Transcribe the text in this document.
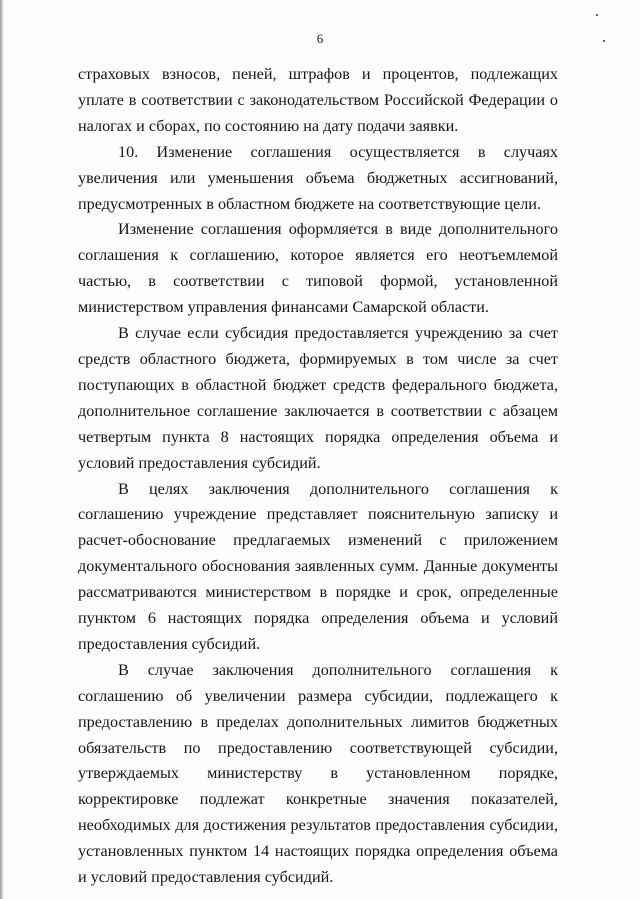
6

страховых взносов, пеней, штрафов и процентов, подлежащих уплате в соответствии с законодательством Российской Федерации о налогах и сборах, по состоянию на дату подачи заявки.

10. Изменение соглашения осуществляется в случаях увеличения или уменьшения объема бюджетных ассигнований, предусмотренных в областном бюджете на соответствующие цели.

Изменение соглашения оформляется в виде дополнительного соглашения к соглашению, которое является его неотъемлемой частью, в соответствии с типовой формой, установленной министерством управления финансами Самарской области.

В случае если субсидия предоставляется учреждению за счет средств областного бюджета, формируемых в том числе за счет поступающих в областной бюджет средств федерального бюджета, дополнительное соглашение заключается в соответствии с абзацем четвертым пункта 8 настоящих порядка определения объема и условий предоставления субсидий.

В целях заключения дополнительного соглашения к соглашению учреждение представляет пояснительную записку и расчет-обоснование предлагаемых изменений с приложением документального обоснования заявленных сумм. Данные документы рассматриваются министерством в порядке и срок, определенные пунктом 6 настоящих порядка определения объема и условий предоставления субсидий.

В случае заключения дополнительного соглашения к соглашению об увеличении размера субсидии, подлежащего к предоставлению в пределах дополнительных лимитов бюджетных обязательств по предоставлению соответствующей субсидии, утверждаемых министерству в установленном порядке, корректировке подлежат конкретные значения показателей, необходимых для достижения результатов предоставления субсидии, установленных пунктом 14 настоящих порядка определения объема и условий предоставления субсидий.
